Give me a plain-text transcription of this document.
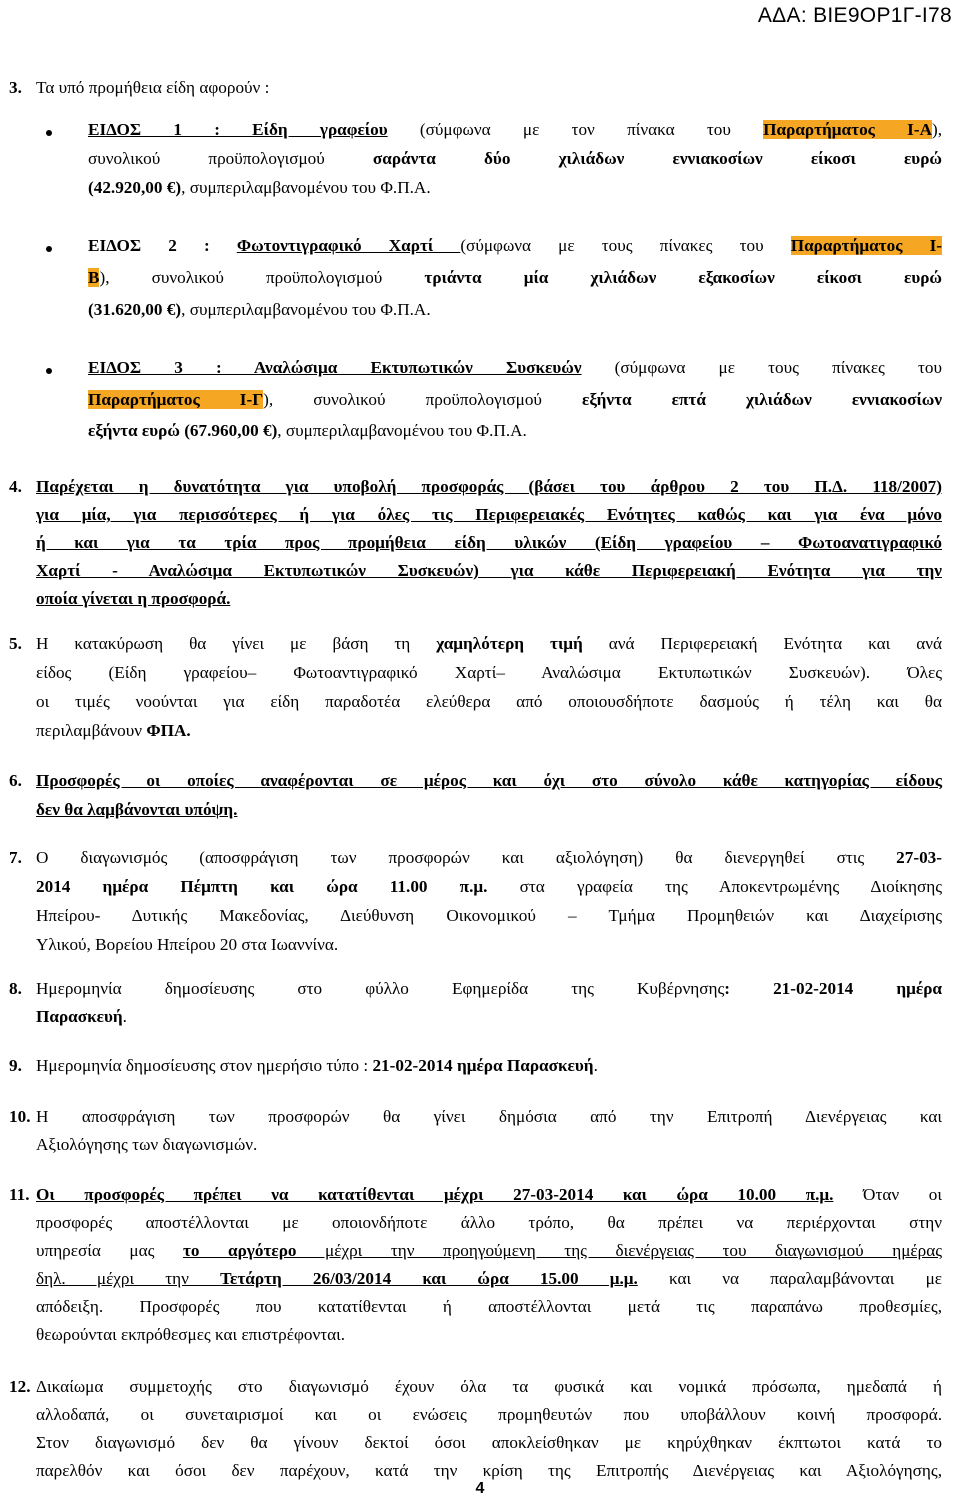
ΑΔΑ: ΒΙΕ9ΟΡ1Γ-Ι78
3. Τα υπό προμήθεια είδη αφορούν :
ΕΙΔΟΣ 1 : Είδη γραφείου (σύμφωνα με τον πίνακα του Παραρτήματος Ι-Α),
συνολικού προϋπολογισμού σαράντα δύο χιλιάδων εννιακοσίων είκοσι ευρώ
(42.920,00 €), συμπεριλαμβανομένου του Φ.Π.Α.
ΕΙΔΟΣ 2 : Φωτοντιγραφικό Χαρτί (σύμφωνα με τους πίνακες του Παραρτήματος Ι-
Β), συνολικού προϋπολογισμού τριάντα μία χιλιάδων εξακοσίων είκοσι ευρώ
(31.620,00 €), συμπεριλαμβανομένου του Φ.Π.Α.
ΕΙΔΟΣ 3 : Αναλώσιμα Εκτυπωτικών Συσκευών (σύμφωνα με τους πίνακες του
Παραρτήματος Ι-Γ), συνολικού προϋπολογισμού εξήντα επτά χιλιάδων εννιακοσίων
εξήντα ευρώ (67.960,00 €), συμπεριλαμβανομένου του Φ.Π.Α.
4. Παρέχεται η δυνατότητα για υποβολή προσφοράς (βάσει του άρθρου 2 του Π.Δ. 118/2007)
για μία, για περισσότερες ή για όλες τις Περιφερειακές Ενότητες καθώς και για ένα μόνο
ή και για τα τρία προς προμήθεια είδη υλικών (Είδη γραφείου – Φωτοανατιγραφικό
Χαρτί - Αναλώσιμα Εκτυπωτικών Συσκευών) για κάθε Περιφερειακή Ενότητα για την
οποία γίνεται η προσφορά.
5. Η κατακύρωση θα γίνει με βάση τη χαμηλότερη τιμή ανά Περιφερειακή Ενότητα και ανά
είδος (Είδη γραφείου– Φωτοαντιγραφικό Χαρτί– Αναλώσιμα Εκτυπωτικών Συσκευών). Όλες
οι τιμές νοούνται για είδη παραδοτέα ελεύθερα από οποιουσδήποτε δασμούς ή τέλη και θα
περιλαμβάνουν ΦΠΑ.
6. Προσφορές οι οποίες αναφέρονται σε μέρος και όχι στο σύνολο κάθε κατηγορίας είδους
δεν θα λαμβάνονται υπόψη.
7. Ο διαγωνισμός (αποσφράγιση των προσφορών και αξιολόγηση) θα διενεργηθεί στις 27-03-
2014 ημέρα Πέμπτη και ώρα 11.00 π.μ. στα γραφεία της Αποκεντρωμένης Διοίκησης
Ηπείρου- Δυτικής Μακεδονίας, Διεύθυνση Οικονομικού – Τμήμα Προμηθειών και Διαχείρισης
Υλικού, Βορείου Ηπείρου 20 στα Ιωαννίνα.
8. Ημερομηνία δημοσίευσης στο φύλλο Εφημερίδα της Κυβέρνησης: 21-02-2014 ημέρα
Παρασκευή.
9. Ημερομηνία δημοσίευσης στον ημερήσιο τύπο : 21-02-2014 ημέρα Παρασκευή.
10. Η αποσφράγιση των προσφορών θα γίνει δημόσια από την Επιτροπή Διενέργειας και
Αξιολόγησης των διαγωνισμών.
11. Οι προσφορές πρέπει να κατατίθενται μέχρι 27-03-2014 και ώρα 10.00 π.μ. Όταν οι
προσφορές αποστέλλονται με οποιονδήποτε άλλο τρόπο, θα πρέπει να περιέρχονται στην
υπηρεσία μας το αργότερο μέχρι την προηγούμενη της διενέργειας του διαγωνισμού ημέρας
δηλ. μέχρι την Τετάρτη 26/03/2014 και ώρα 15.00 μ.μ. και να παραλαμβάνονται με
απόδειξη. Προσφορές που κατατίθενται ή αποστέλλονται μετά τις παραπάνω προθεσμίες,
θεωρούνται εκπρόθεσμες και επιστρέφονται.
12. Δικαίωμα συμμετοχής στο διαγωνισμό έχουν όλα τα φυσικά και νομικά πρόσωπα, ημεδαπά ή
αλλοδαπά, οι συνεταιρισμοί και οι ενώσεις προμηθευτών που υποβάλλουν κοινή προσφορά.
Στον διαγωνισμό δεν θα γίνουν δεκτοί όσοι αποκλείσθηκαν με κηρύχθηκαν έκπτωτοι κατά το
παρελθόν και όσοι δεν παρέχουν, κατά την κρίση της Επιτροπής Διενέργειας και Αξιολόγησης,
4
